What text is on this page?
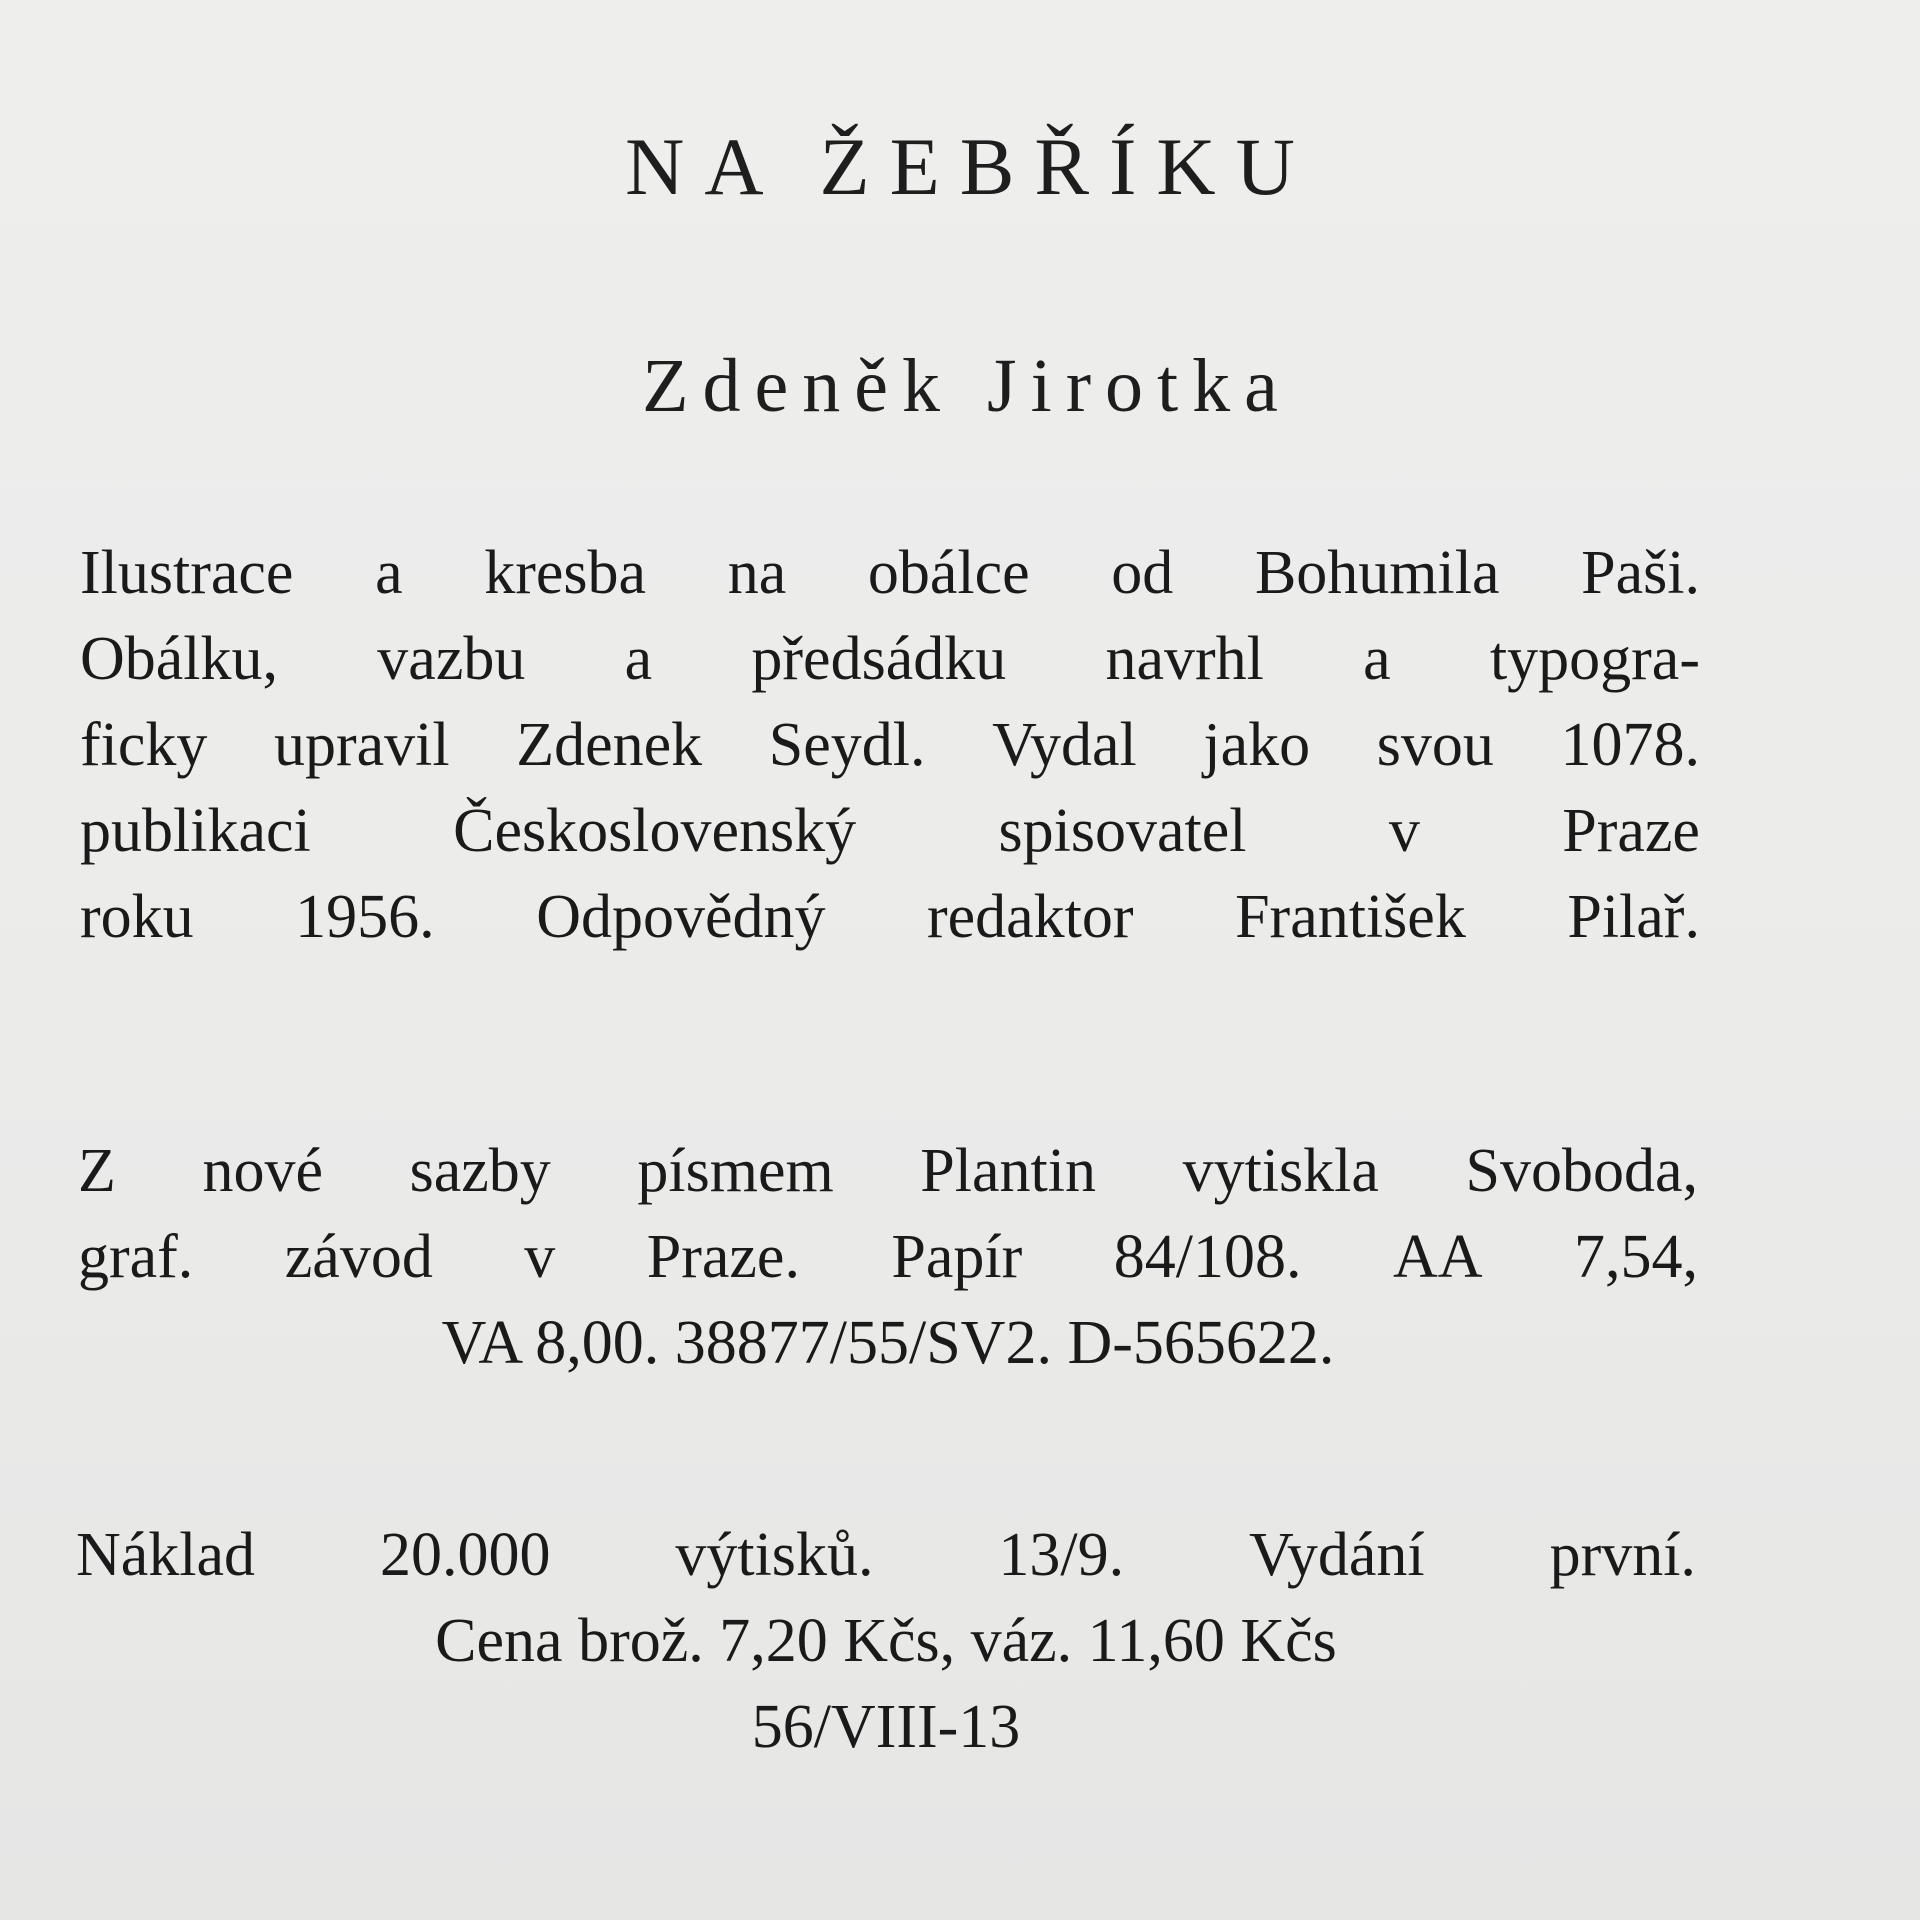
NA ŽEBŘÍKU
Zdeněk Jirotka
Ilustrace a kresba na obálce od Bohumila Paši.
Obálku, vazbu a předsádku navrhl a typogra-
ficky upravil Zdenek Seydl. Vydal jako svou 1078.
publikaci Československý spisovatel v Praze
roku 1956. Odpovědný redaktor František Pilař.
Z nové sazby písmem Plantin vytiskla Svoboda,
graf. závod v Praze. Papír 84/108. AA 7,54,
VA 8,00. 38877/55/SV2. D-565622.
Náklad 20.000 výtisků. 13/9. Vydání první.
Cena brož. 7,20 Kčs, váz. 11,60 Kčs
56/VIII-13
